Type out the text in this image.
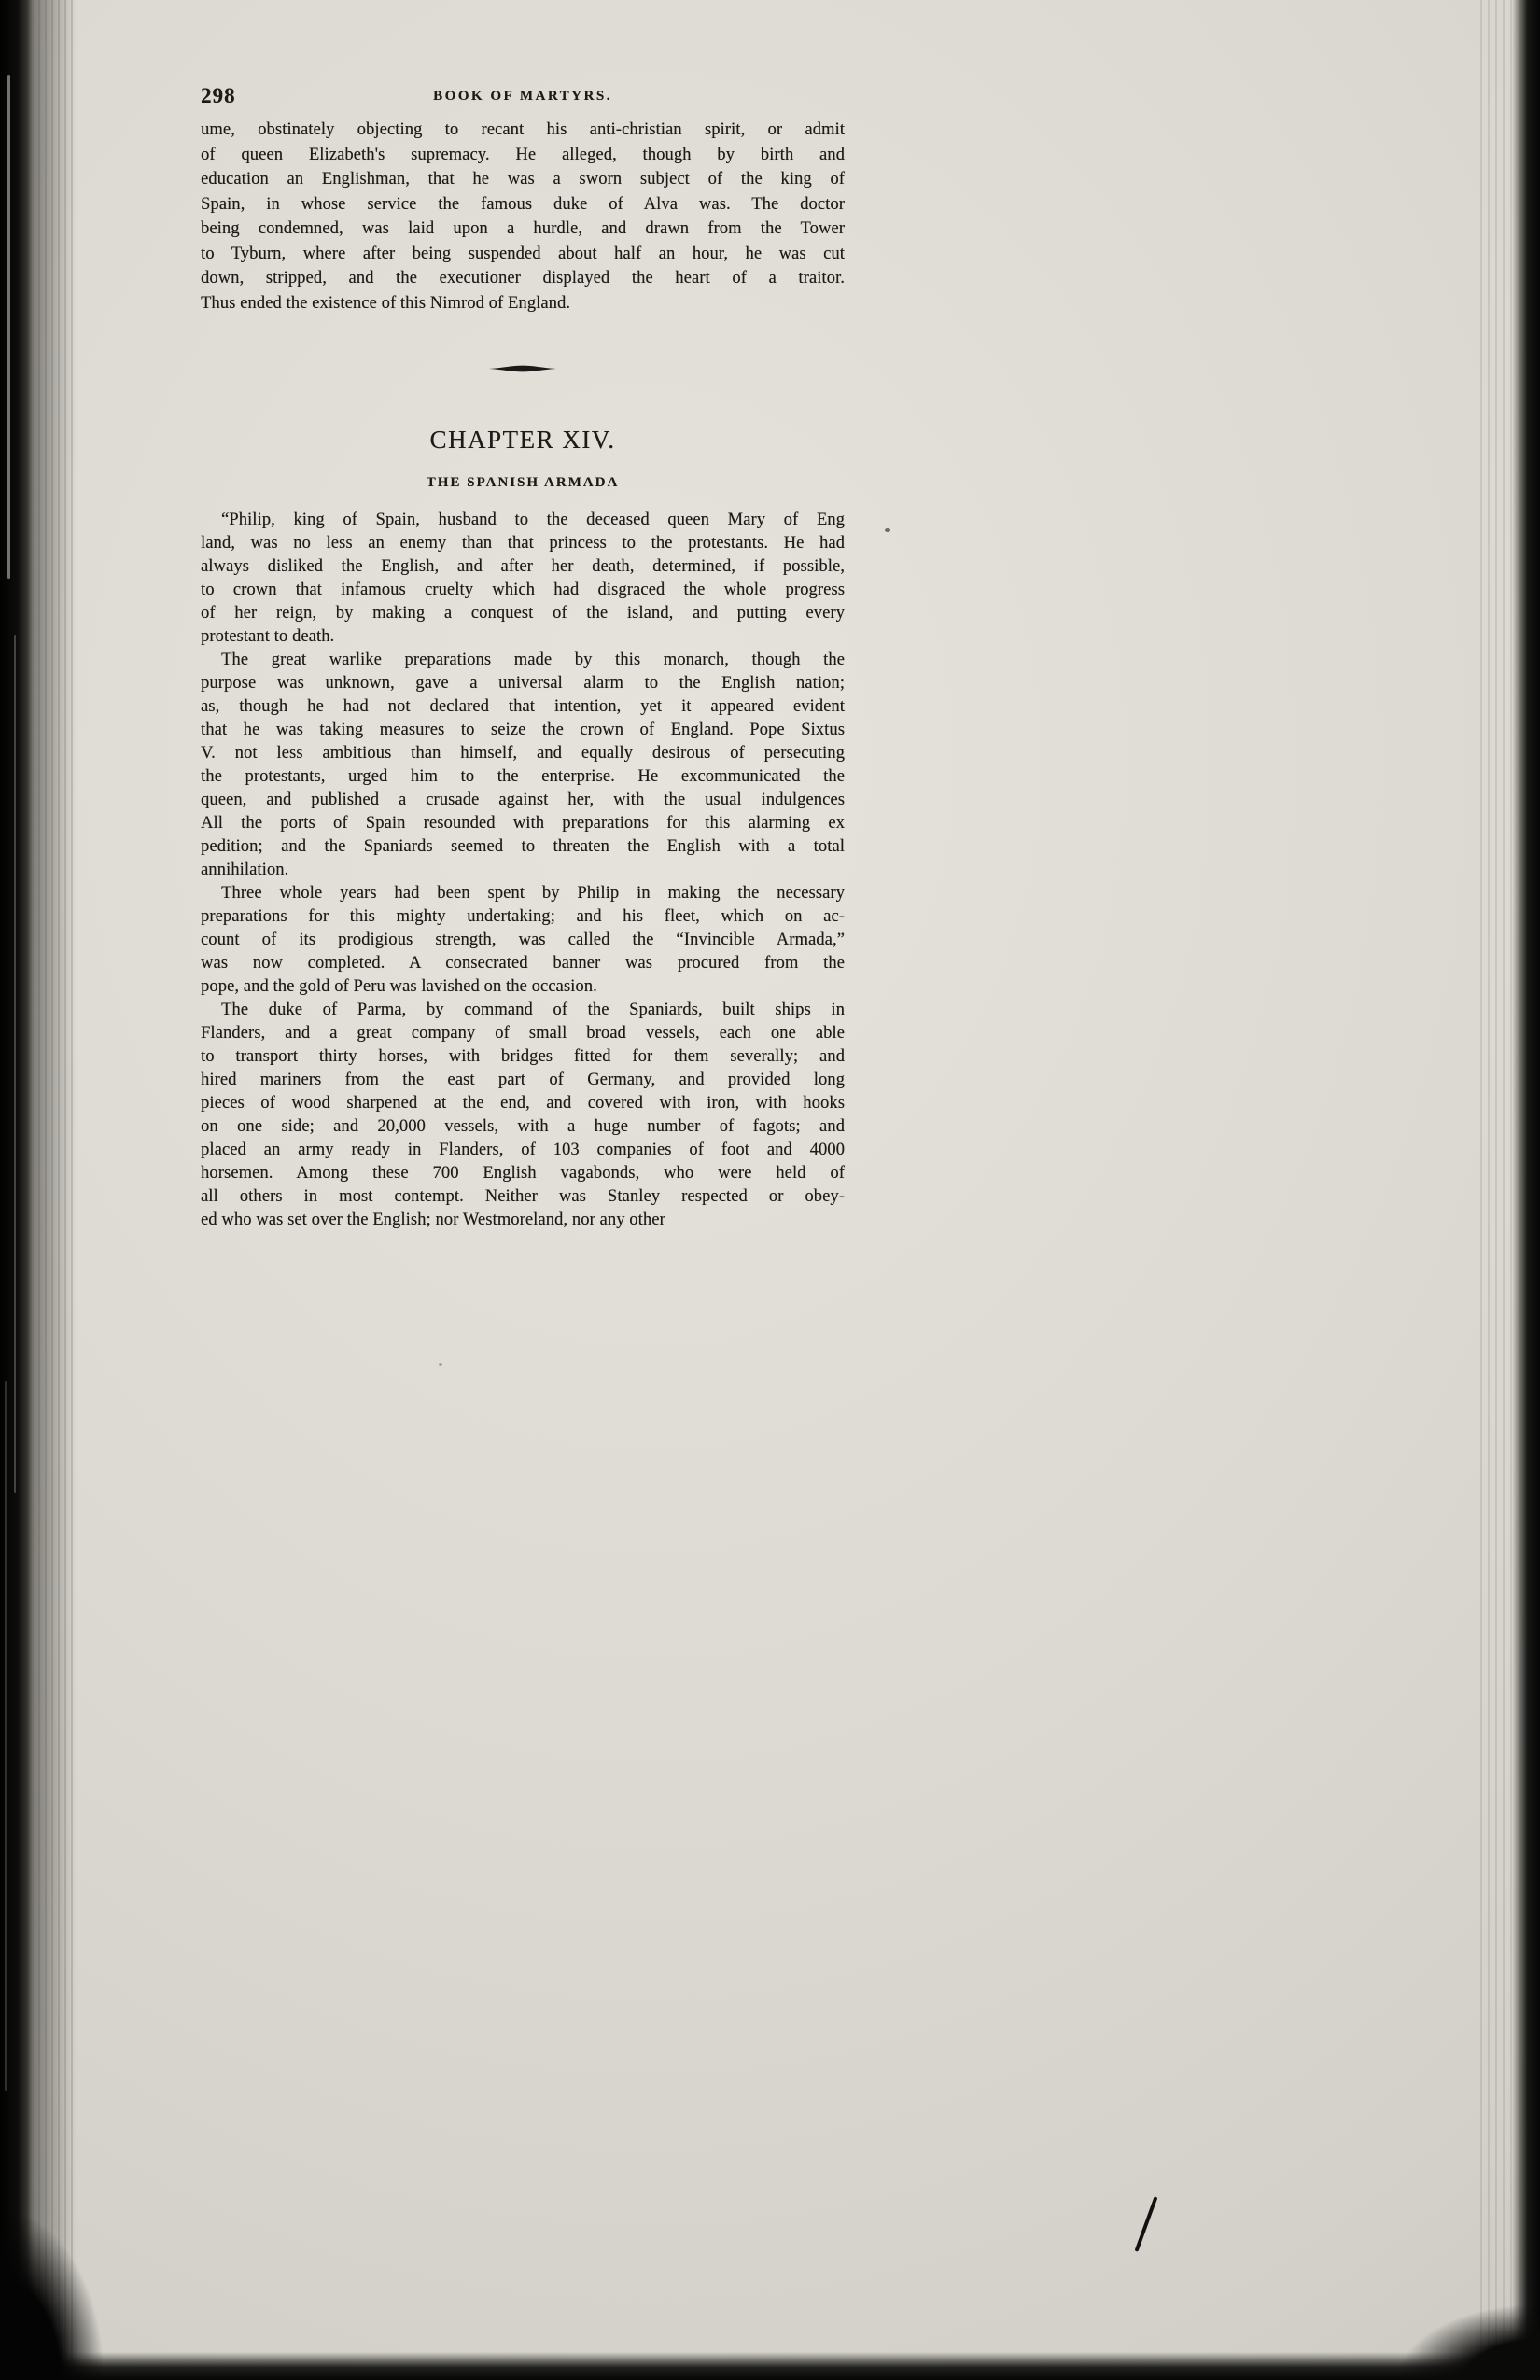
298	BOOK OF MARTYRS.
ume, obstinately objecting to recant his anti-christian spirit, or admit
of queen Elizabeth's supremacy. He alleged, though by birth and
education an Englishman, that he was a sworn subject of the king of
Spain, in whose service the famous duke of Alva was. The doctor
being condemned, was laid upon a hurdle, and drawn from the Tower
to Tyburn, where after being suspended about half an hour, he was cut
down, stripped, and the executioner displayed the heart of a traitor.
Thus ended the existence of this Nimrod of England.
CHAPTER XIV.
THE SPANISH ARMADA
“Philip, king of Spain, husband to the deceased queen Mary of Eng
land, was no less an enemy than that princess to the protestants. He had
always disliked the English, and after her death, determined, if possible,
to crown that infamous cruelty which had disgraced the whole progress
of her reign, by making a conquest of the island, and putting every
protestant to death.
The great warlike preparations made by this monarch, though the
purpose was unknown, gave a universal alarm to the English nation;
as, though he had not declared that intention, yet it appeared evident
that he was taking measures to seize the crown of England. Pope Sixtus
V. not less ambitious than himself, and equally desirous of persecuting
the protestants, urged him to the enterprise. He excommunicated the
queen, and published a crusade against her, with the usual indulgences
All the ports of Spain resounded with preparations for this alarming ex
pedition; and the Spaniards seemed to threaten the English with a total
annihilation.
Three whole years had been spent by Philip in making the necessary
preparations for this mighty undertaking; and his fleet, which on ac-
count of its prodigious strength, was called the “Invincible Armada,”
was now completed. A consecrated banner was procured from the
pope, and the gold of Peru was lavished on the occasion.
The duke of Parma, by command of the Spaniards, built ships in
Flanders, and a great company of small broad vessels, each one able
to transport thirty horses, with bridges fitted for them severally; and
hired mariners from the east part of Germany, and provided long
pieces of wood sharpened at the end, and covered with iron, with hooks
on one side; and 20,000 vessels, with a huge number of fagots; and
placed an army ready in Flanders, of 103 companies of foot and 4000
horsemen. Among these 700 English vagabonds, who were held of
all others in most contempt. Neither was Stanley respected or obey-
ed who was set over the English; nor Westmoreland, nor any other
